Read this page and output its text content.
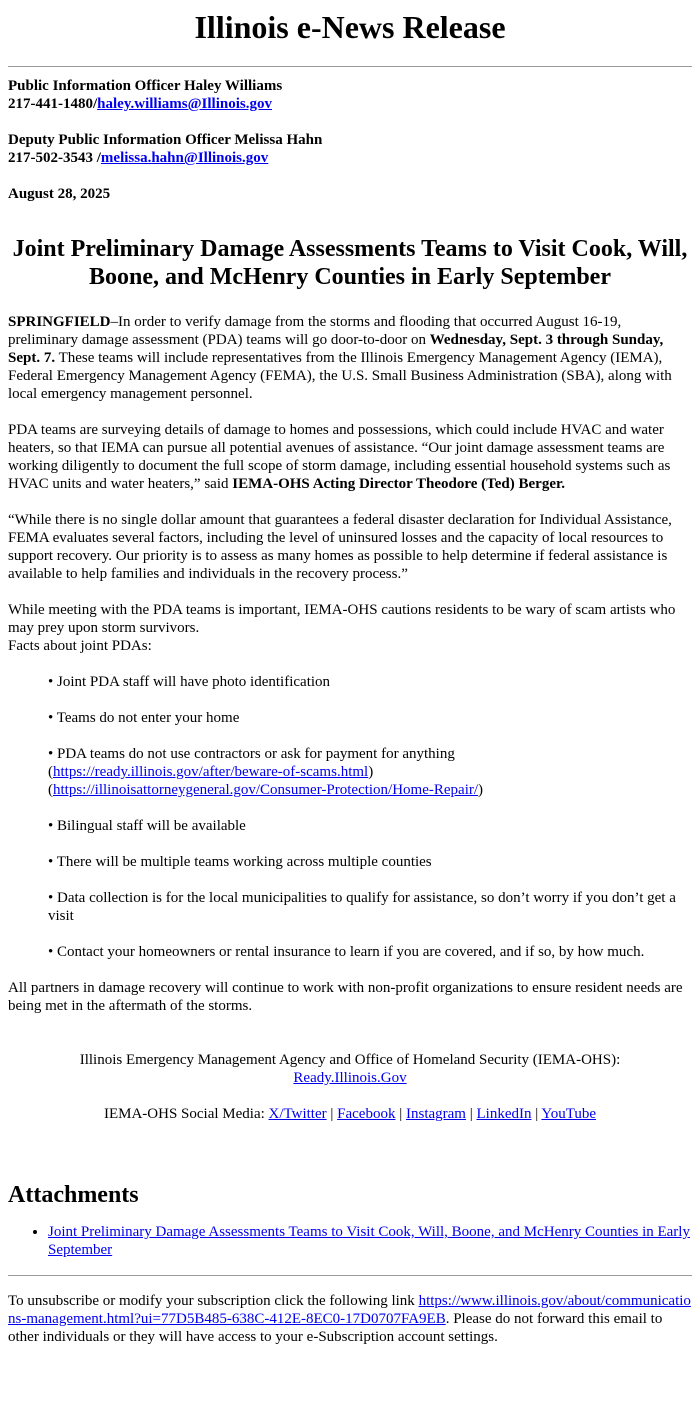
Illinois e-News Release

Public Information Officer Haley Williams

217-441-1480/haley.williams@Illinois.gov

Deputy Public Information Officer Melissa Hahn

217-502-3543 /melissa.hahn@Illinois.gov

August 28, 2025

Joint Preliminary Damage Assessments Teams to Visit Cook, Will, Boone, and McHenry Counties in Early September

SPRINGFIELD–In order to verify damage from the storms and flooding that occurred August 16-19, preliminary damage assessment (PDA) teams will go door-to-door on Wednesday, Sept. 3 through Sunday, Sept. 7. These teams will include representatives from the Illinois Emergency Management Agency (IEMA), Federal Emergency Management Agency (FEMA), the U.S. Small Business Administration (SBA), along with local emergency management personnel.

PDA teams are surveying details of damage to homes and possessions, which could include HVAC and water heaters, so that IEMA can pursue all potential avenues of assistance. “Our joint damage assessment teams are working diligently to document the full scope of storm damage, including essential household systems such as HVAC units and water heaters,” said IEMA-OHS Acting Director Theodore (Ted) Berger.

“While there is no single dollar amount that guarantees a federal disaster declaration for Individual Assistance, FEMA evaluates several factors, including the level of uninsured losses and the capacity of local resources to support recovery. Our priority is to assess as many homes as possible to help determine if federal assistance is available to help families and individuals in the recovery process.”

While meeting with the PDA teams is important, IEMA-OHS cautions residents to be wary of scam artists who may prey upon storm survivors.
Facts about joint PDAs:

• Joint PDA staff will have photo identification
• Teams do not enter your home
• PDA teams do not use contractors or ask for payment for anything
(https://ready.illinois.gov/after/beware-of-scams.html)
(https://illinoisattorneygeneral.gov/Consumer-Protection/Home-Repair/)
• Bilingual staff will be available
• There will be multiple teams working across multiple counties
• Data collection is for the local municipalities to qualify for assistance, so don’t worry if you don’t get a visit
• Contact your homeowners or rental insurance to learn if you are covered, and if so, by how much.

All partners in damage recovery will continue to work with non-profit organizations to ensure resident needs are being met in the aftermath of the storms.

Illinois Emergency Management Agency and Office of Homeland Security (IEMA-OHS):
Ready.Illinois.Gov
IEMA-OHS Social Media: X/Twitter | Facebook | Instagram | LinkedIn | YouTube
Attachments
• Joint Preliminary Damage Assessments Teams to Visit Cook, Will, Boone, and McHenry Counties in Early September
To unsubscribe or modify your subscription click the following link https://www.illinois.gov/about/communications-management.html?ui=77D5B485-638C-412E-8EC0-17D0707FA9EB. Please do not forward this email to other individuals or they will have access to your e-Subscription account settings.
